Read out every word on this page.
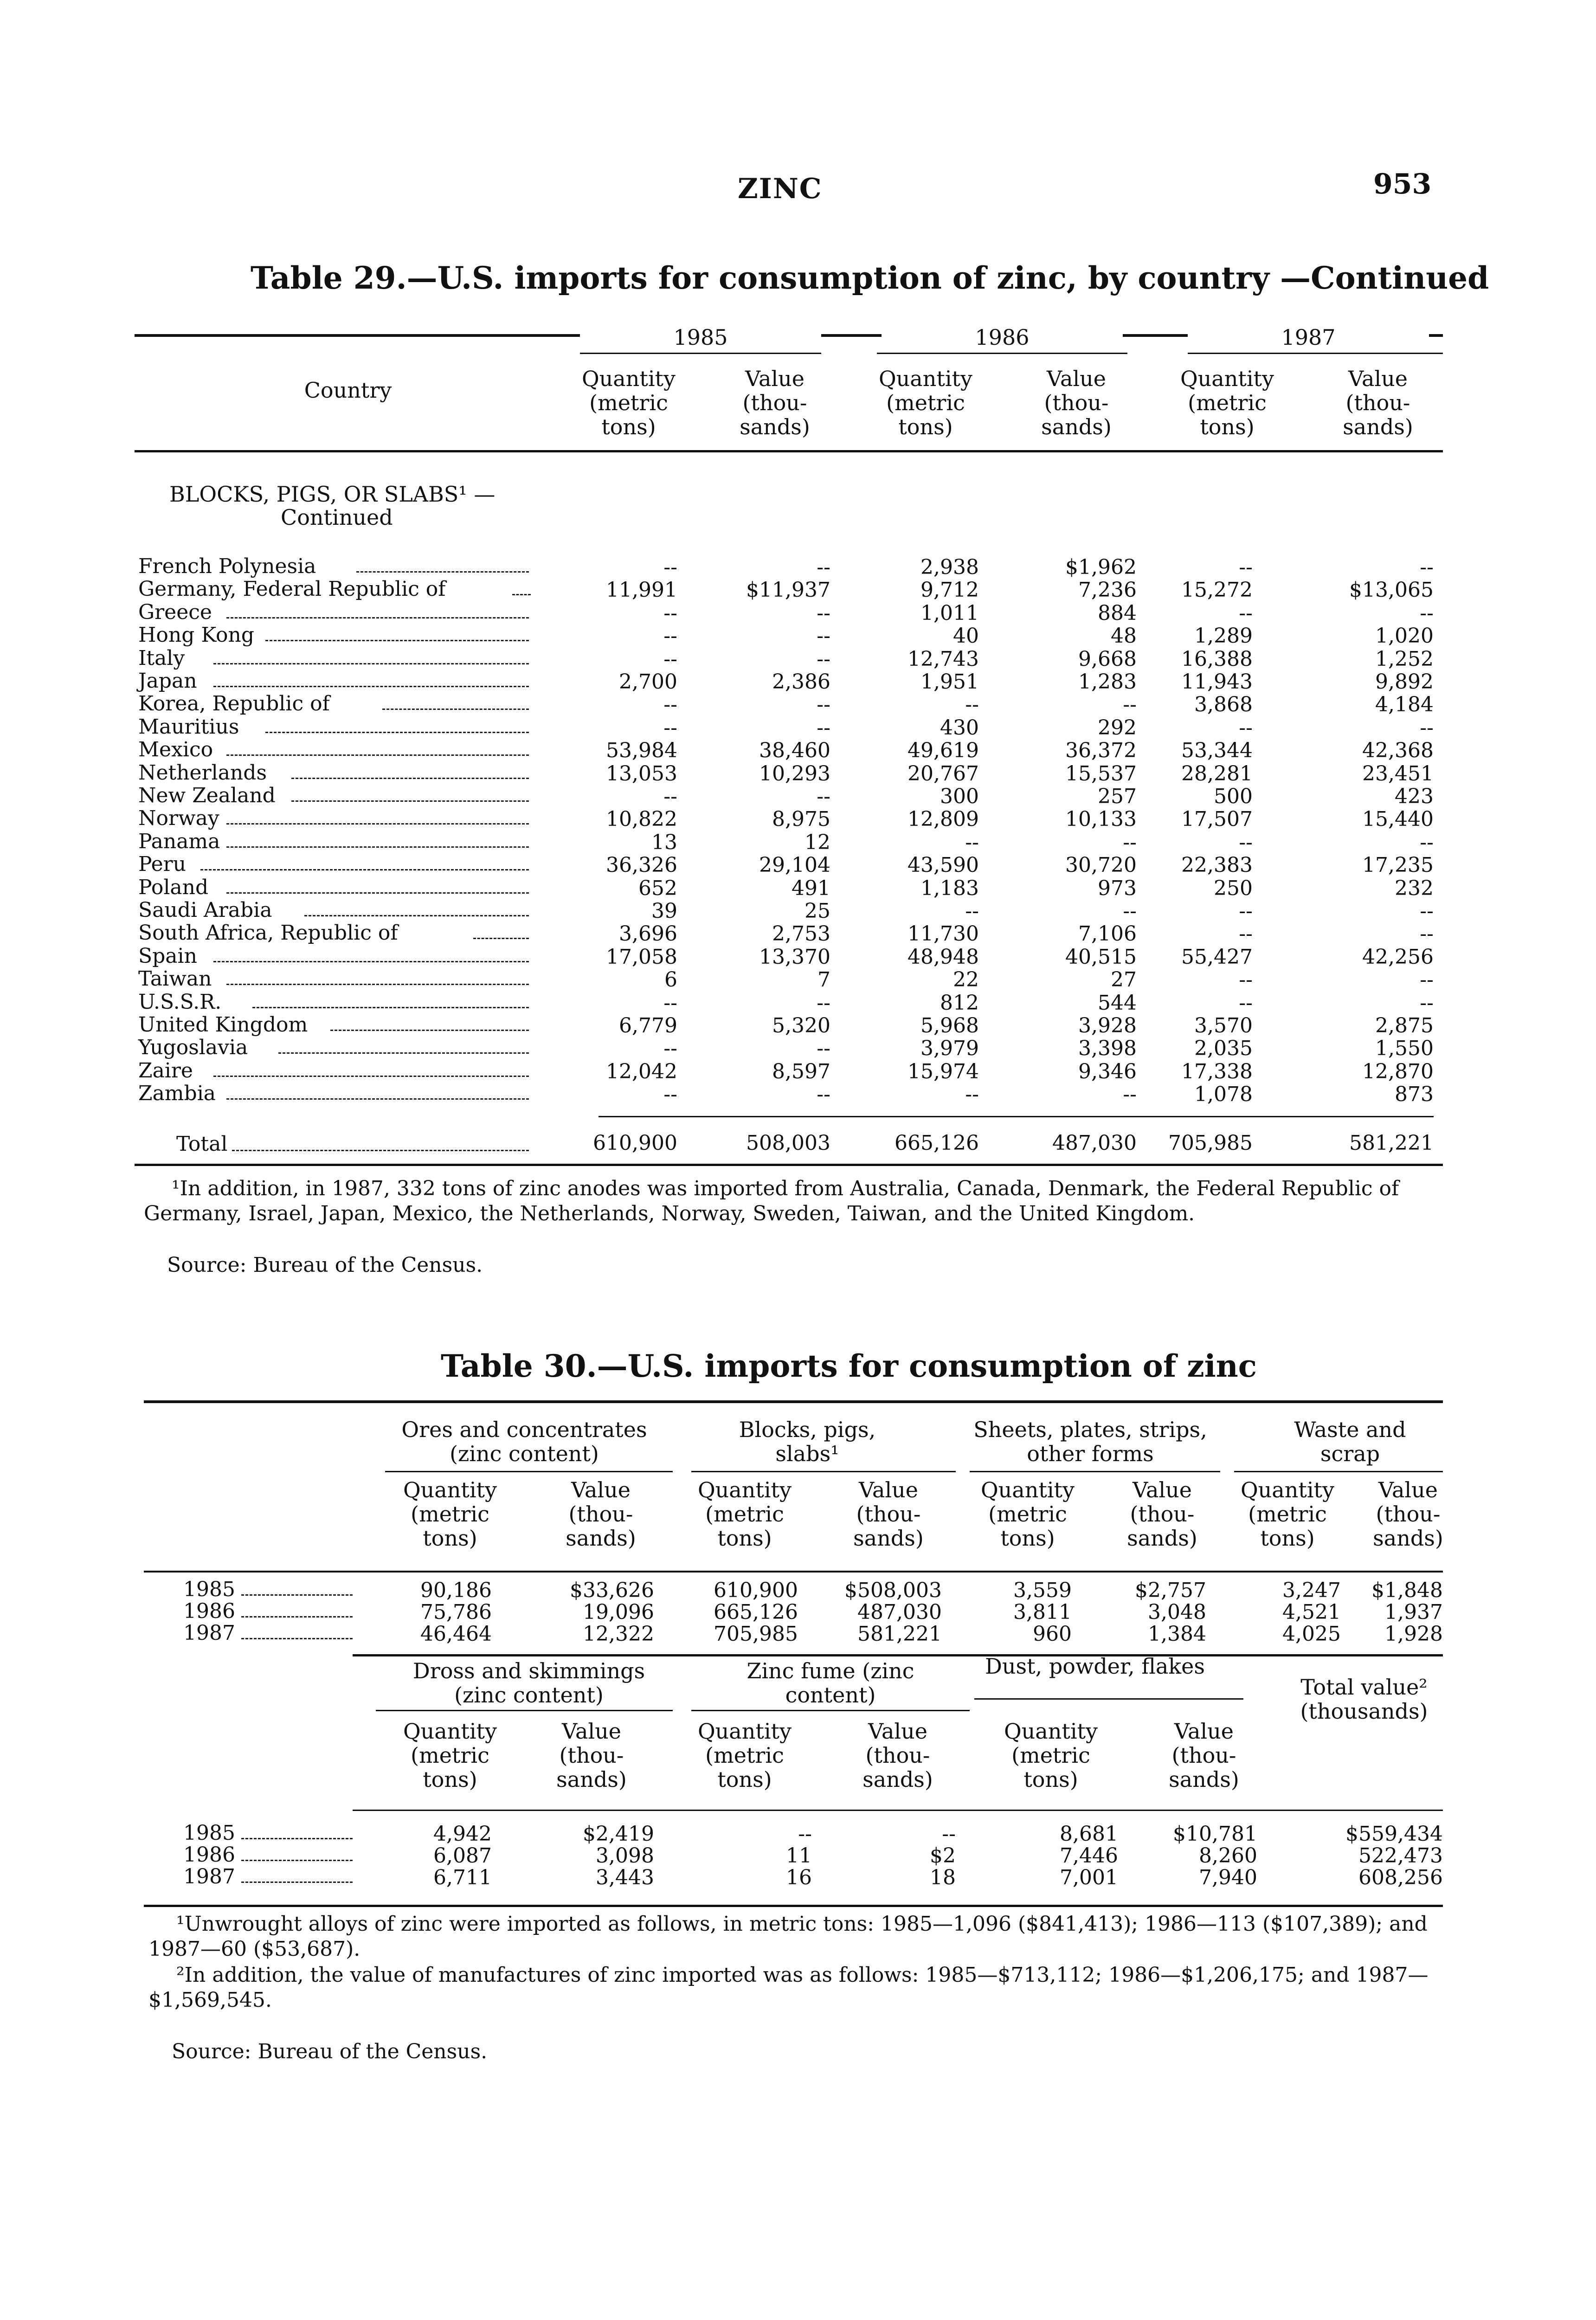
ZINC	953
Table 29.—U.S. imports for consumption of zinc, by country —Continued
1985	1986	1987
Country	Quantity
(metric
tons)
Value
(thou-
sands)
Quantity
(metric
tons)
Value
(thou-
sands)
Quantity
(metric
tons)
Value
(thou-
sands)
BLOCKS, PIGS, OR SLABS¹ —
Continued
French Polynesia	--	--	2,938	$1,962	--	--
Germany, Federal Republic of	11,991	$11,937	9,712	7,236	15,272	$13,065
Greece	--	--	1,011	884	--	--
Hong Kong	--	--	40	48	1,289	1,020
Italy	--	--	12,743	9,668	16,388	1,252
Japan	2,700	2,386	1,951	1,283	11,943	9,892
Korea, Republic of	--	--	--	--	3,868	4,184
Mauritius	--	--	430	292	--	--
Mexico	53,984	38,460	49,619	36,372	53,344	42,368
Netherlands	13,053	10,293	20,767	15,537	28,281	23,451
New Zealand	--	--	300	257	500	423
Norway	10,822	8,975	12,809	10,133	17,507	15,440
Panama	13	12	--	--	--	--
Peru	36,326	29,104	43,590	30,720	22,383	17,235
Poland	652	491	1,183	973	250	232
Saudi Arabia	39	25	--	--	--	--
South Africa, Republic of	3,696	2,753	11,730	7,106	--	--
Spain	17,058	13,370	48,948	40,515	55,427	42,256
Taiwan	6	7	22	27	--	--
U.S.S.R.	--	--	812	544	--	--
United Kingdom	6,779	5,320	5,968	3,928	3,570	2,875
Yugoslavia	--	--	3,979	3,398	2,035	1,550
Zaire	12,042	8,597	15,974	9,346	17,338	12,870
Zambia	--	--	--	--	1,078	873
Total	610,900	508,003	665,126	487,030	705,985	581,221
¹In addition, in 1987, 332 tons of zinc anodes was imported from Australia, Canada, Denmark, the Federal Republic of Germany, Israel, Japan, Mexico, the Netherlands, Norway, Sweden, Taiwan, and the United Kingdom.
Source: Bureau of the Census.
Table 30.—U.S. imports for consumption of zinc
Ores and concentrates (zinc content)
Blocks, pigs, slabs¹
Sheets, plates, strips, other forms
Waste and scrap
Quantity
(metric
tons)
Value
(thou-
sands)
Quantity
(metric
tons)
Value
(thou-
sands)
Quantity
(metric
tons)
Value
(thou-
sands)
Quantity
(metric
tons)
Value
(thou-
sands)
1985	90,186	$33,626	610,900	$508,003	3,559	$2,757	3,247	$1,848
1986	75,786	19,096	665,126	487,030	3,811	3,048	4,521	1,937
1987	46,464	12,322	705,985	581,221	960	1,384	4,025	1,928
Dross and skimmings (zinc content)
Zinc fume (zinc content)
Dust, powder, flakes
Total value² (thousands)
Quantity
(metric
tons)
Value
(thou-
sands)
Quantity
(metric
tons)
Value
(thou-
sands)
Quantity
(metric
tons)
Value
(thou-
sands)
1985	4,942	$2,419	--	--	8,681	$10,781	$559,434
1986	6,087	3,098	11	$2	7,446	8,260	522,473
1987	6,711	3,443	16	18	7,001	7,940	608,256
¹Unwrought alloys of zinc were imported as follows, in metric tons: 1985—1,096 ($841,413); 1986—113 ($107,389); and 1987—60 ($53,687).
²In addition, the value of manufactures of zinc imported was as follows: 1985—$713,112; 1986—$1,206,175; and 1987—$1,569,545.
Source: Bureau of the Census.
